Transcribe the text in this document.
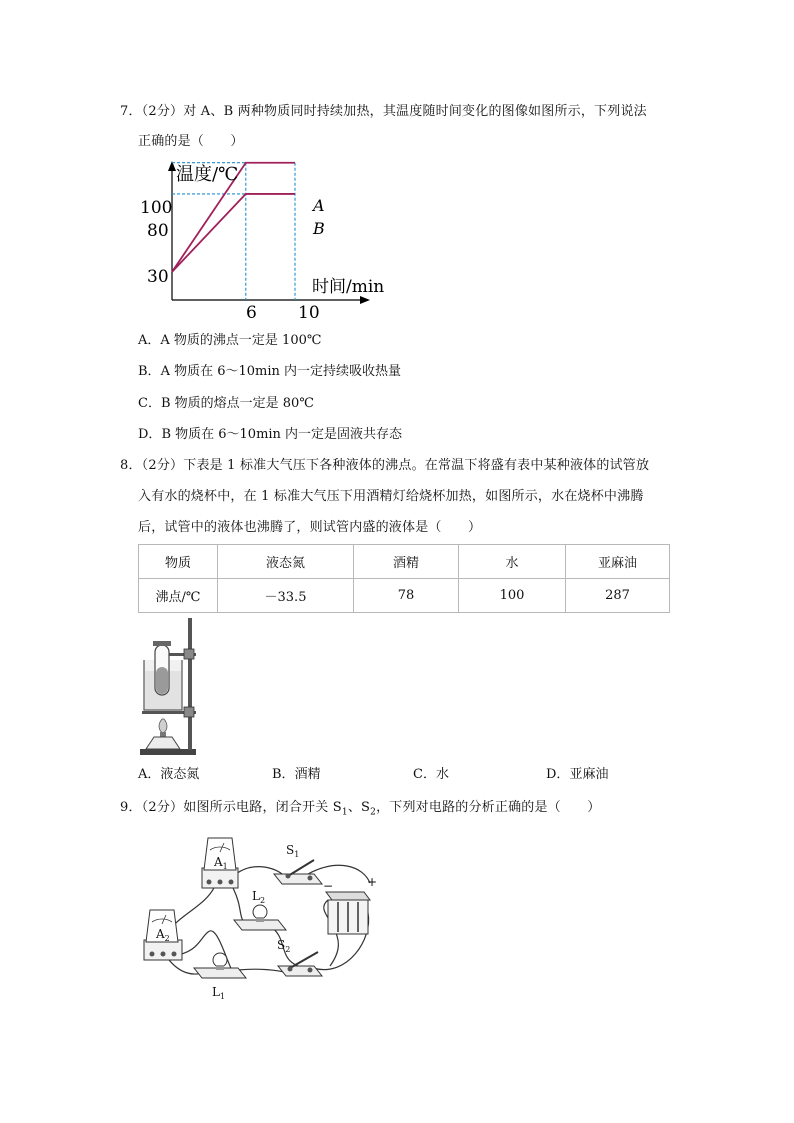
7．（2分）对 A、B 两种物质同时持续加热，其温度随时间变化的图像如图所示，下列说法
正确的是（　　）
温度/℃
时间/min
100
80
30
6 10
A
B
A．A 物质的沸点一定是 100℃
B．A 物质在 6～10min 内一定持续吸收热量
C．B 物质的熔点一定是 80℃
D．B 物质在 6～10min 内一定是固液共存态
8．（2分）下表是 1 标准大气压下各种液体的沸点。在常温下将盛有表中某种液体的试管放
入有水的烧杯中，在 1 标准大气压下用酒精灯给烧杯加热，如图所示，水在烧杯中沸腾
后，试管中的液体也沸腾了，则试管内盛的液体是（　　）
物质	液态氮	酒精	水	亚麻油
沸点/℃	－33.5	78	100	287
A．液态氮	B．酒精	C．水	D．亚麻油
9．（2分）如图所示电路，闭合开关 $S_1$、$S_2$，下列对电路的分析正确的是（　　）
$A_1$
$A_2$
$S_1$
$L_2$
−	+
$S_2$
$L_1$
